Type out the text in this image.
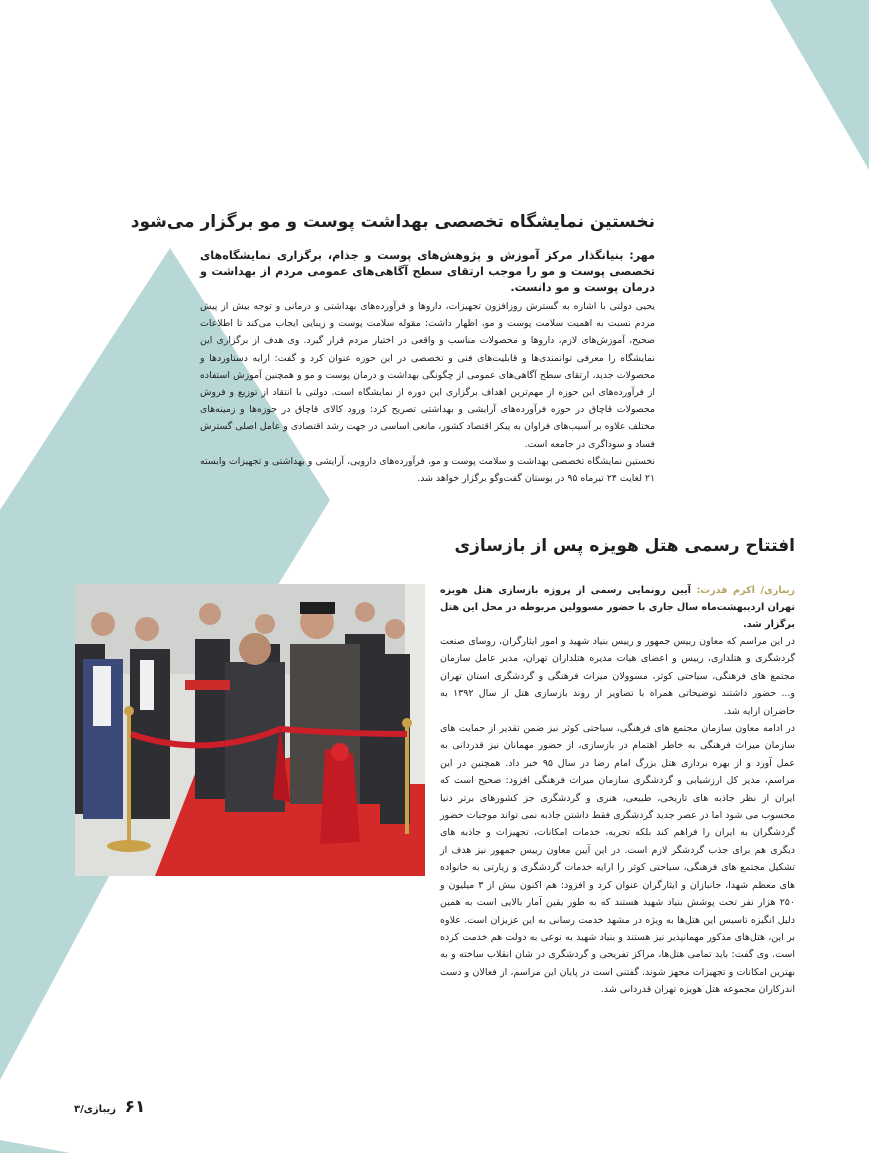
نخستین نمایشگاه تخصصی بهداشت پوست و مو برگزار می‌شود

مهر: بنیانگذار مرکز آموزش و پژوهش‌های پوست و جذام، برگزاری نمایشگاه‌های تخصصی پوست و مو را موجب ارتقای سطح آگاهی‌های عمومی مردم از بهداشت و درمان پوست و مو دانست.

یحیی دولتی با اشاره به گسترش روزافزون تجهیزات، داروها و فرآورده‌های بهداشتی و درمانی و توجه بیش از پیش مردم نسبت به اهمیت سلامت پوست و مو، اظهار داشت: مقوله سلامت پوست و زیبایی ایجاب می‌کند تا اطلاعات صحیح، آموزش‌های لازم، داروها و محصولات مناسب و واقعی در اختیار مردم قرار گیرد. وی هدف از برگزاری این نمایشگاه را معرفی توانمندی‌ها و قابلیت‌های فنی و تخصصی در این حوزه عنوان کرد و گفت: ارایه دستاوردها و محصولات جدید، ارتقای سطح آگاهی‌های عمومی از چگونگی بهداشت و درمان پوست و مو و همچنین آموزش استفاده از فرآورده‌های این حوزه از مهم‌ترین اهداف برگزاری این دوره از نمایشگاه است. دولتی با انتقاد از توزیع و فروش محصولات قاچاق در حوزه فرآورده‌های آرایشی و بهداشتی تصریح کرد: ورود کالای قاچاق در حوزه‌ها و زمینه‌های مختلف علاوه بر آسیب‌های فراوان به پیکر اقتصاد کشور، مانعی اساسی در جهت رشد اقتصادی و عامل اصلی گسترش فساد و سوداگری در جامعه است.

نخستین نمایشگاه تخصصی بهداشت و سلامت پوست و مو، فرآورده‌های دارویی، آرایشی و بهداشتی و تجهیزات وابسته ۲۱ لغایت ۲۴ تیرماه ۹۵ در بوستان گفت‌وگو برگزار خواهد شد.

افتتاح رسمی هتل هویزه پس از بازسازی

زیبازی/ اکرم قدرت: آیین رونمایی رسمی از پروژه بازسازی هتل هویزه تهران اردیبهشت‌ماه سال جاری با حضور مسوولین مربوطه در محل این هتل برگزار شد.

در این مراسم که معاون رییس جمهور و رییس بنیاد شهید و امور ایثارگران، روسای صنعت گردشگری و هتلداری، رییس و اعضای هیات مدیره هتلداران تهران، مدیر عامل سازمان مجتمع های فرهنگی، سیاحتی کوثر، مسوولان میراث فرهنگی و گردشگری استان تهران و... حضور داشتند توضیحاتی همراه با تصاویر از روند بازسازی هتل از سال ۱۳۹۲ به حاضران ارایه شد.

در ادامه معاون سازمان مجتمع های فرهنگی، سیاحتی کوثر نیز ضمن تقدیر از حمایت های سازمان میراث فرهنگی به خاطر اهتمام در بازسازی، از حضور مهمانان نیز قدردانی به عمل آورد و از بهره برداری هتل بزرگ امام رضا در سال ۹۵ خبر داد. همچنین در این مراسم، مدیر کل ارزشیابی و گردشگری سازمان میراث فرهنگی افزود: صحیح است که ایران از نظر جاذبه های تاریخی، طبیعی، هنری و گردشگری جز کشورهای برتر دنیا محسوب می شود اما در عصر جدید گردشگری فقط داشتن جاذبه نمی تواند موجبات حضور گردشگران به ایران را فراهم کند بلکه تجربه، خدمات امکانات، تجهیزات و جاذبه های دیگری هم برای جذب گردشگر لازم است. در این آیین معاون رییس جمهور نیز هدف از تشکیل مجتمع های فرهنگی، سیاحتی کوثر را ارایه خدمات گردشگری و زیارتی به خانواده های معظم شهدا، جانبازان و ایثارگران عنوان کرد و افزود: هم اکنون بیش از ۳ میلیون و ۲۵۰ هزار نفر تحت پوشش بنیاد شهید هستند که به طور یقین آمار بالایی است به همین دلیل انگیزه تاسیس این هتل‌ها به ویژه در مشهد خدمت رسانی به این عزیزان است. علاوه بر این، هتل‌های مذکور مهمانپذیر نیز هستند و بنیاد شهید به نوعی به دولت هم خدمت کرده است. وی گفت: باید تمامی هتل‌ها، مراکز تفریحی و گردشگری در شان انقلاب ساخته و به بهترین امکانات و تجهیزات مجهز شوند. گفتنی است در پایان این مراسم، از فعالان و دست اندرکاران مجموعه هتل هویزه تهران قدردانی شد.

۶۱ زیبازی/۳
